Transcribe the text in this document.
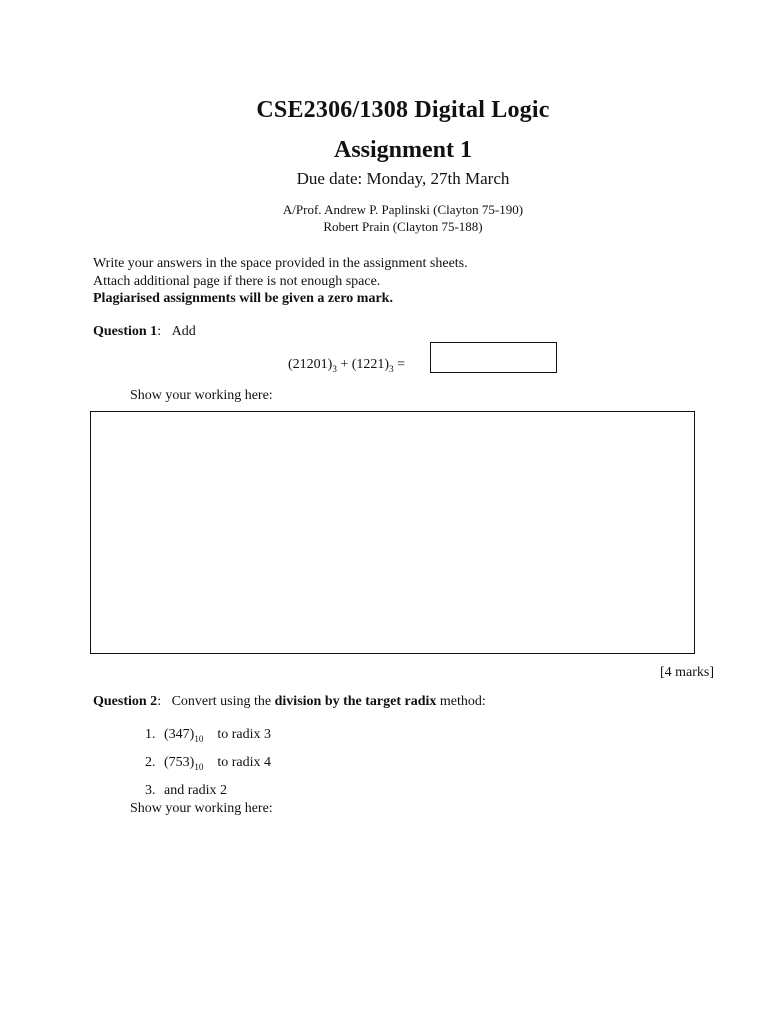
CSE2306/1308 Digital Logic
Assignment 1
Due date: Monday, 27th March
A/Prof. Andrew P. Paplinski (Clayton 75-190)
Robert Prain (Clayton 75-188)
Write your answers in the space provided in the assignment sheets.
Attach additional page if there is not enough space.
Plagiarised assignments will be given a zero mark.
Question 1:   Add
$(21201)_3 + (1221)_3$ =
Show your working here:
[4 marks]
Question 2:   Convert using the division by the target radix method:
1. $(347)_{10}$ to radix 3
2. $(753)_{10}$ to radix 4
3. and radix 2
Show your working here:
